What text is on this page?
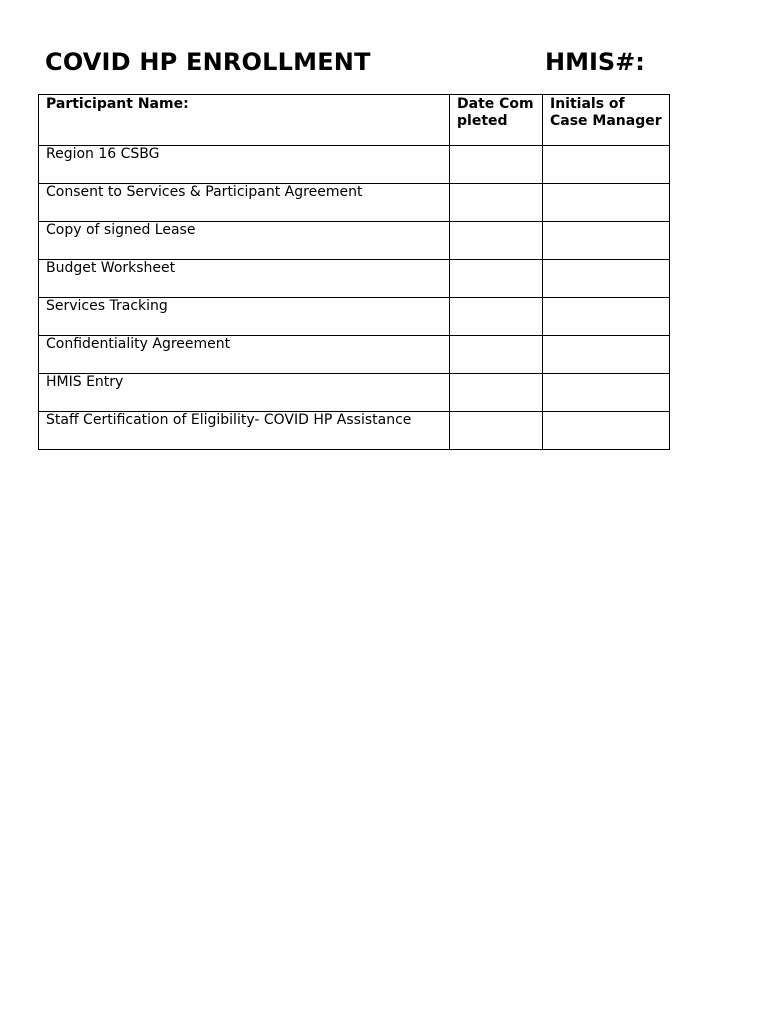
COVID HP ENROLLMENT	HMIS#:
Participant Name:	Date Completed	Initials of Case Manager
Region 16 CSBG		
Consent to Services & Participant Agreement		
Copy of signed Lease		
Budget Worksheet		
Services Tracking		
Confidentiality Agreement		
HMIS Entry		
Staff Certification of Eligibility- COVID HP Assistance		
